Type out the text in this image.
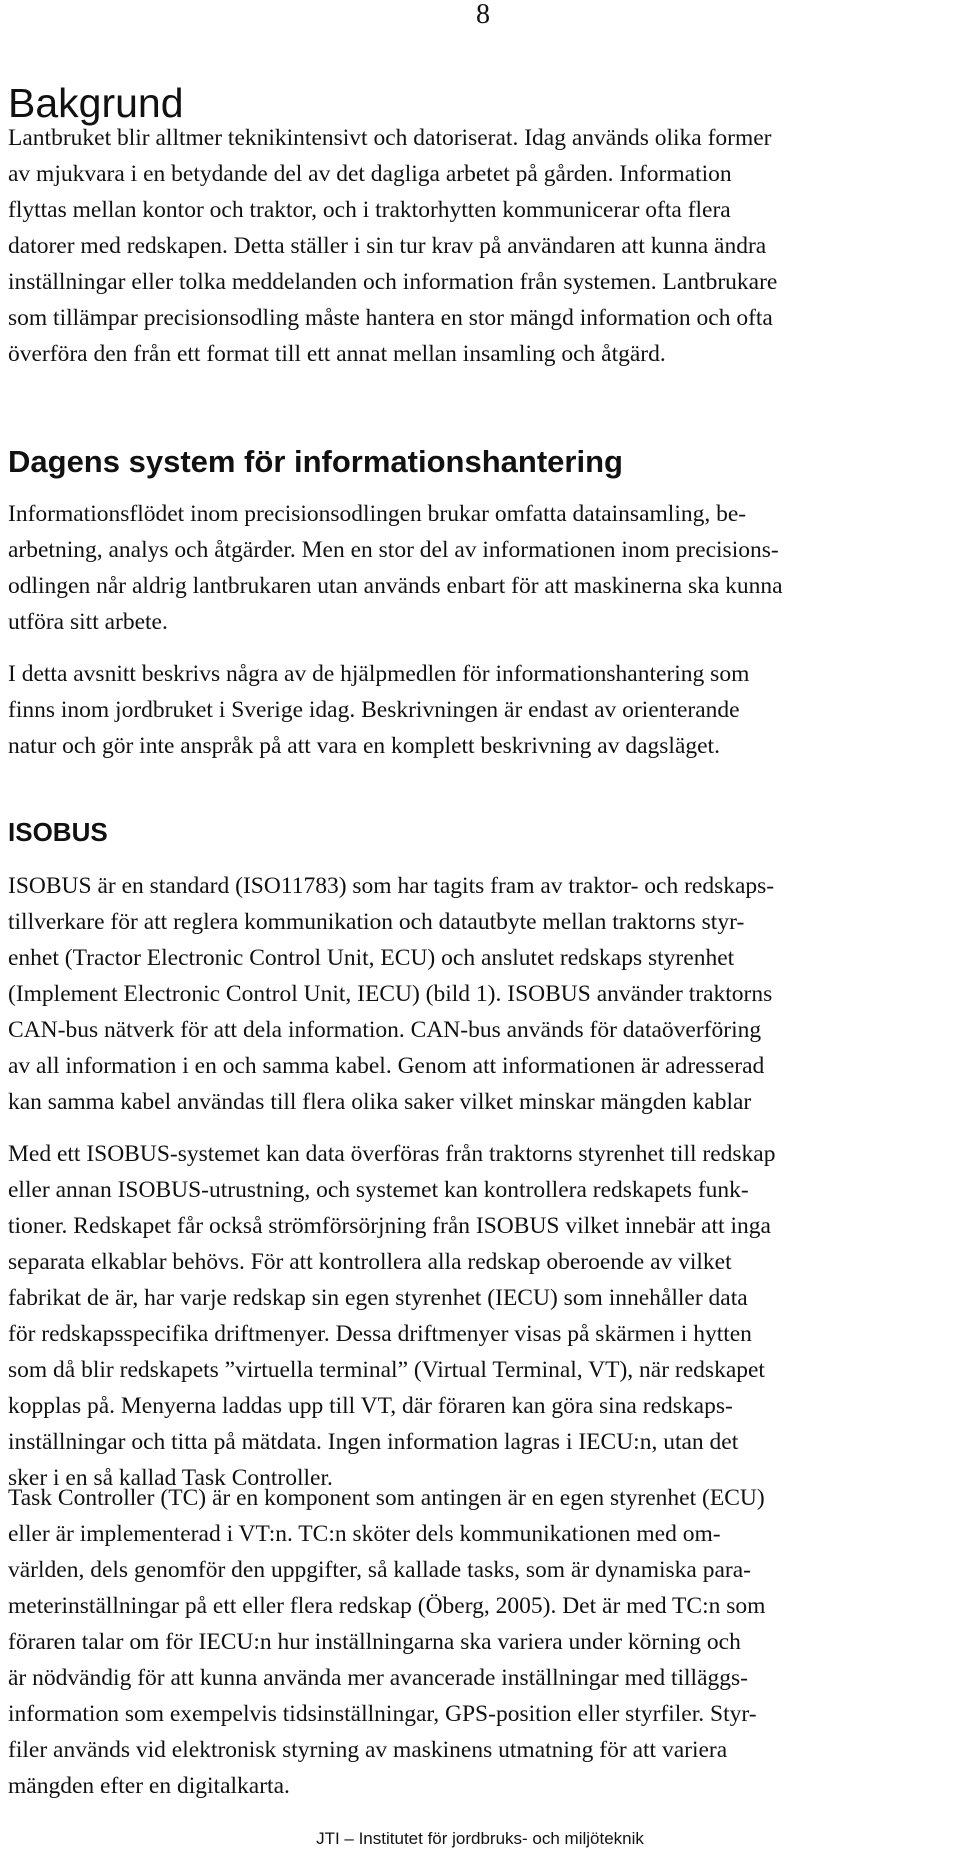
8
Bakgrund

Lantbruket blir alltmer teknikintensivt och datoriserat. Idag används olika former
av mjukvara i en betydande del av det dagliga arbetet på gården. Information
flyttas mellan kontor och traktor, och i traktorhytten kommunicerar ofta flera
datorer med redskapen. Detta ställer i sin tur krav på användaren att kunna ändra
inställningar eller tolka meddelanden och information från systemen. Lantbrukare
som tillämpar precisionsodling måste hantera en stor mängd information och ofta
överföra den från ett format till ett annat mellan insamling och åtgärd.

Dagens system för informationshantering

Informationsflödet inom precisionsodlingen brukar omfatta datainsamling, be-
arbetning, analys och åtgärder. Men en stor del av informationen inom precisions-
odlingen når aldrig lantbrukaren utan används enbart för att maskinerna ska kunna
utföra sitt arbete.

I detta avsnitt beskrivs några av de hjälpmedlen för informationshantering som
finns inom jordbruket i Sverige idag. Beskrivningen är endast av orienterande
natur och gör inte anspråk på att vara en komplett beskrivning av dagsläget.

ISOBUS

ISOBUS är en standard (ISO11783) som har tagits fram av traktor- och redskaps-
tillverkare för att reglera kommunikation och datautbyte mellan traktorns styr-
enhet (Tractor Electronic Control Unit, ECU) och anslutet redskaps styrenhet
(Implement Electronic Control Unit, IECU) (bild 1). ISOBUS använder traktorns
CAN-bus nätverk för att dela information. CAN-bus används för dataöverföring
av all information i en och samma kabel. Genom att informationen är adresserad
kan samma kabel användas till flera olika saker vilket minskar mängden kablar

Med ett ISOBUS-systemet kan data överföras från traktorns styrenhet till redskap
eller annan ISOBUS-utrustning, och systemet kan kontrollera redskapets funk-
tioner. Redskapet får också strömförsörjning från ISOBUS vilket innebär att inga
separata elkablar behövs. För att kontrollera alla redskap oberoende av vilket
fabrikat de är, har varje redskap sin egen styrenhet (IECU) som innehåller data
för redskapsspecifika driftmenyer. Dessa driftmenyer visas på skärmen i hytten
som då blir redskapets ”virtuella terminal” (Virtual Terminal, VT), när redskapet
kopplas på. Menyerna laddas upp till VT, där föraren kan göra sina redskaps-
inställningar och titta på mätdata. Ingen information lagras i IECU:n, utan det
sker i en så kallad Task Controller.

Task Controller (TC) är en komponent som antingen är en egen styrenhet (ECU)
eller är implementerad i VT:n. TC:n sköter dels kommunikationen med om-
världen, dels genomför den uppgifter, så kallade tasks, som är dynamiska para-
meterinställningar på ett eller flera redskap (Öberg, 2005). Det är med TC:n som
föraren talar om för IECU:n hur inställningarna ska variera under körning och
är nödvändig för att kunna använda mer avancerade inställningar med tilläggs-
information som exempelvis tidsinställningar, GPS-position eller styrfiler. Styr-
filer används vid elektronisk styrning av maskinens utmatning för att variera
mängden efter en digitalkarta.

JTI – Institutet för jordbruks- och miljöteknik
